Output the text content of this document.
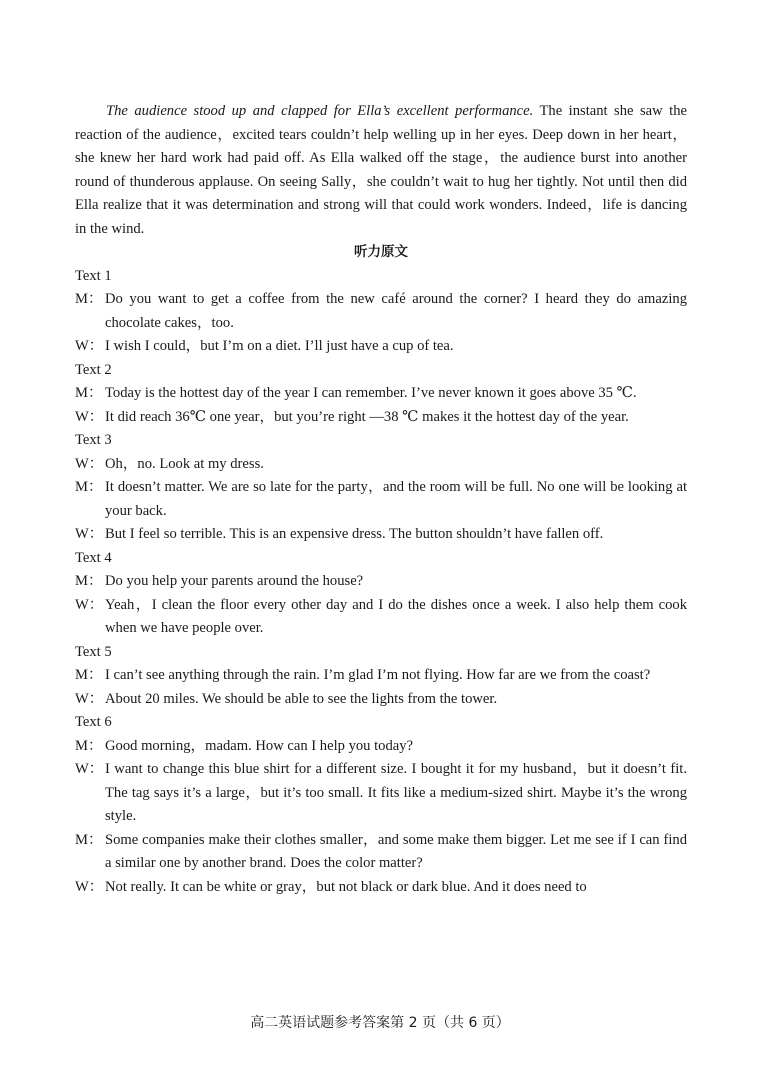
The audience stood up and clapped for Ella’s excellent performance. The instant she saw the reaction of the audience，excited tears couldn’t help welling up in her eyes. Deep down in her heart，she knew her hard work had paid off. As Ella walked off the stage，the audience burst into another round of thunderous applause. On seeing Sally，she couldn’t wait to hug her tightly. Not until then did Ella realize that it was determination and strong will that could work wonders. Indeed，life is dancing in the wind.

听力原文

Text 1

M： Do you want to get a coffee from the new café around the corner? I heard they do amazing chocolate cakes，too.
W： I wish I could，but I’m on a diet. I’ll just have a cup of tea.

Text 2

M： Today is the hottest day of the year I can remember. I’ve never known it goes above 35 ℃.
W： It did reach 36℃ one year，but you’re right —38 ℃ makes it the hottest day of the year.

Text 3

W： Oh，no. Look at my dress.
M： It doesn’t matter. We are so late for the party，and the room will be full. No one will be looking at your back.
W： But I feel so terrible. This is an expensive dress. The button shouldn’t have fallen off.

Text 4

M： Do you help your parents around the house?
W： Yeah，I clean the floor every other day and I do the dishes once a week. I also help them cook when we have people over.

Text 5

M： I can’t see anything through the rain. I’m glad I’m not flying. How far are we from the coast?
W： About 20 miles. We should be able to see the lights from the tower.

Text 6

M： Good morning，madam. How can I help you today?
W： I want to change this blue shirt for a different size. I bought it for my husband，but it doesn’t fit. The tag says it’s a large，but it’s too small. It fits like a medium-sized shirt. Maybe it’s the wrong style.
M： Some companies make their clothes smaller，and some make them bigger. Let me see if I can find a similar one by another brand. Does the color matter?
W： Not really. It can be white or gray，but not black or dark blue. And it does need to
高二英语试题参考答案第 2 页（共 6 页）
